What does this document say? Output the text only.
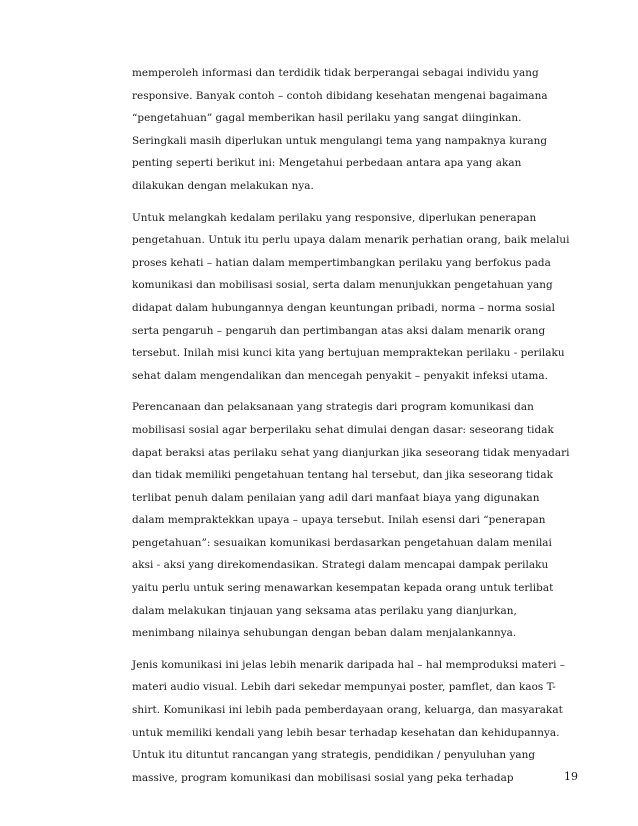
memperoleh informasi dan terdidik tidak berperangai sebagai individu yang
responsive. Banyak contoh – contoh dibidang kesehatan mengenai bagaimana
“pengetahuan” gagal memberikan hasil perilaku yang sangat diinginkan.
Seringkali masih diperlukan untuk mengulangi tema yang nampaknya kurang
penting seperti berikut ini: Mengetahui perbedaan antara apa yang akan
dilakukan dengan melakukan nya.
Untuk melangkah kedalam perilaku yang responsive, diperlukan penerapan
pengetahuan. Untuk itu perlu upaya dalam menarik perhatian orang, baik melalui
proses kehati – hatian dalam mempertimbangkan perilaku yang berfokus pada
komunikasi dan mobilisasi sosial, serta dalam menunjukkan pengetahuan yang
didapat dalam hubungannya dengan keuntungan pribadi, norma – norma sosial
serta pengaruh – pengaruh dan pertimbangan atas aksi dalam menarik orang
tersebut. Inilah misi kunci kita yang bertujuan mempraktekan perilaku - perilaku
sehat dalam mengendalikan dan mencegah penyakit – penyakit infeksi utama.
Perencanaan dan pelaksanaan yang strategis dari program komunikasi dan
mobilisasi sosial agar berperilaku sehat dimulai dengan dasar: seseorang tidak
dapat beraksi atas perilaku sehat yang dianjurkan jika seseorang tidak menyadari
dan tidak memiliki pengetahuan tentang hal tersebut, dan jika seseorang tidak
terlibat penuh dalam penilaian yang adil dari manfaat biaya yang digunakan
dalam mempraktekkan upaya – upaya tersebut. Inilah esensi dari “penerapan
pengetahuan”: sesuaikan komunikasi berdasarkan pengetahuan dalam menilai
aksi - aksi yang direkomendasikan. Strategi dalam mencapai dampak perilaku
yaitu perlu untuk sering menawarkan kesempatan kepada orang untuk terlibat
dalam melakukan tinjauan yang seksama atas perilaku yang dianjurkan,
menimbang nilainya sehubungan dengan beban dalam menjalankannya.
Jenis komunikasi ini jelas lebih menarik daripada hal – hal memproduksi materi –
materi audio visual. Lebih dari sekedar mempunyai poster, pamflet, dan kaos T-
shirt. Komunikasi ini lebih pada pemberdayaan orang, keluarga, dan masyarakat
untuk memiliki kendali yang lebih besar terhadap kesehatan dan kehidupannya.
Untuk itu dituntut rancangan yang strategis, pendidikan / penyuluhan yang
massive, program komunikasi dan mobilisasi sosial yang peka terhadap	19
